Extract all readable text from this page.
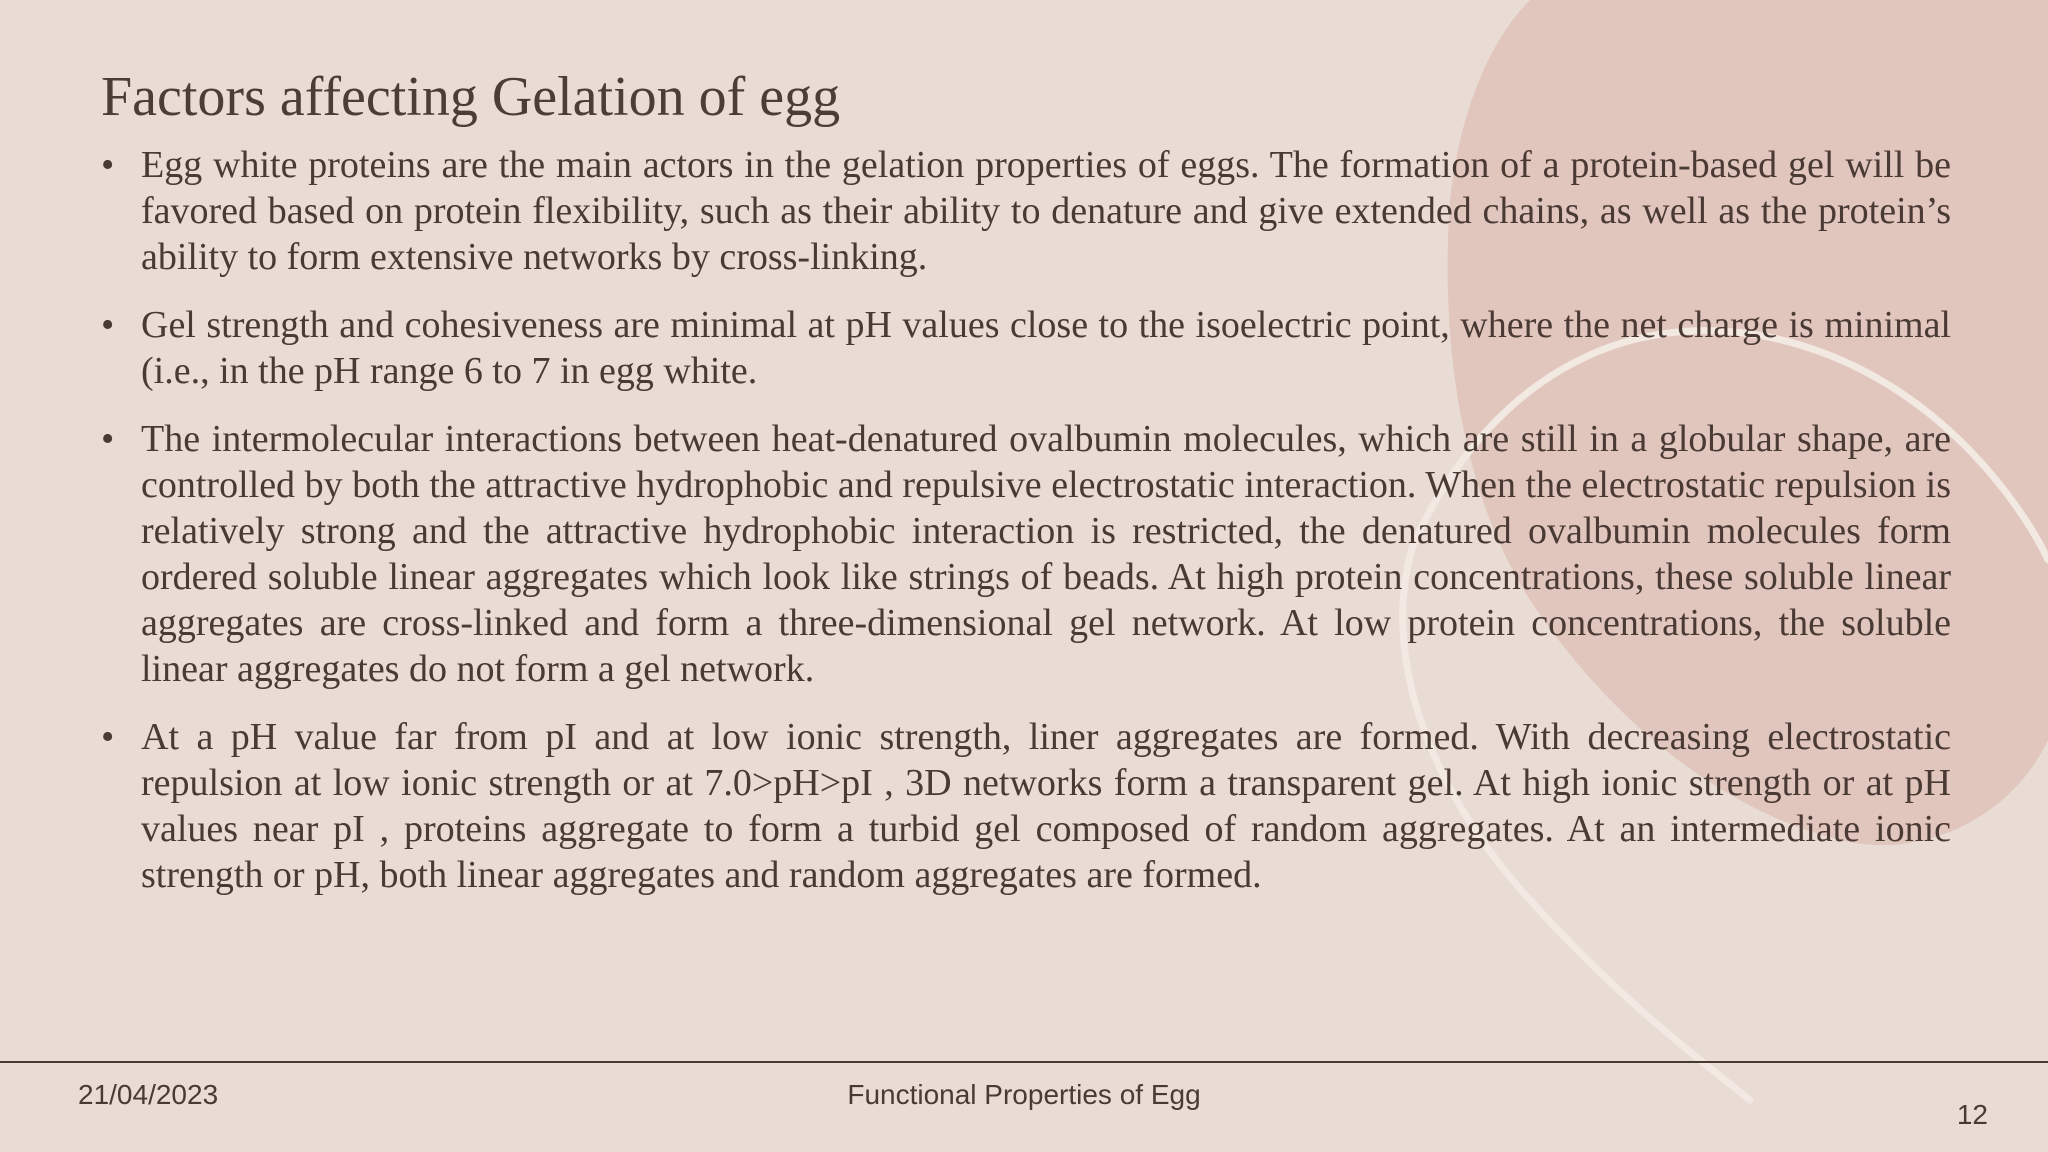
Factors affecting Gelation of egg
• Egg white proteins are the main actors in the gelation properties of eggs. The formation of a protein-based gel will be favored based on protein flexibility, such as their ability to denature and give extended chains, as well as the protein’s ability to form extensive networks by cross-linking.
• Gel strength and cohesiveness are minimal at pH values close to the isoelectric point, where the net charge is minimal (i.e., in the pH range 6 to 7 in egg white.
• The intermolecular interactions between heat-denatured ovalbumin molecules, which are still in a globular shape, are controlled by both the attractive hydrophobic and repulsive electrostatic interaction. When the electrostatic repulsion is relatively strong and the attractive hydrophobic interaction is restricted, the denatured ovalbumin molecules form ordered soluble linear aggregates which look like strings of beads. At high protein concentrations, these soluble linear aggregates are cross-linked and form a three-dimensional gel network. At low protein concentrations, the soluble linear aggregates do not form a gel network.
• At a pH value far from pI and at low ionic strength, liner aggregates are formed. With decreasing electrostatic repulsion at low ionic strength or at 7.0>pH>pI , 3D networks form a transparent gel. At high ionic strength or at pH values near pI , proteins aggregate to form a turbid gel composed of random aggregates. At an intermediate ionic strength or pH, both linear aggregates and random aggregates are formed.
21/04/2023	Functional Properties of Egg
12
